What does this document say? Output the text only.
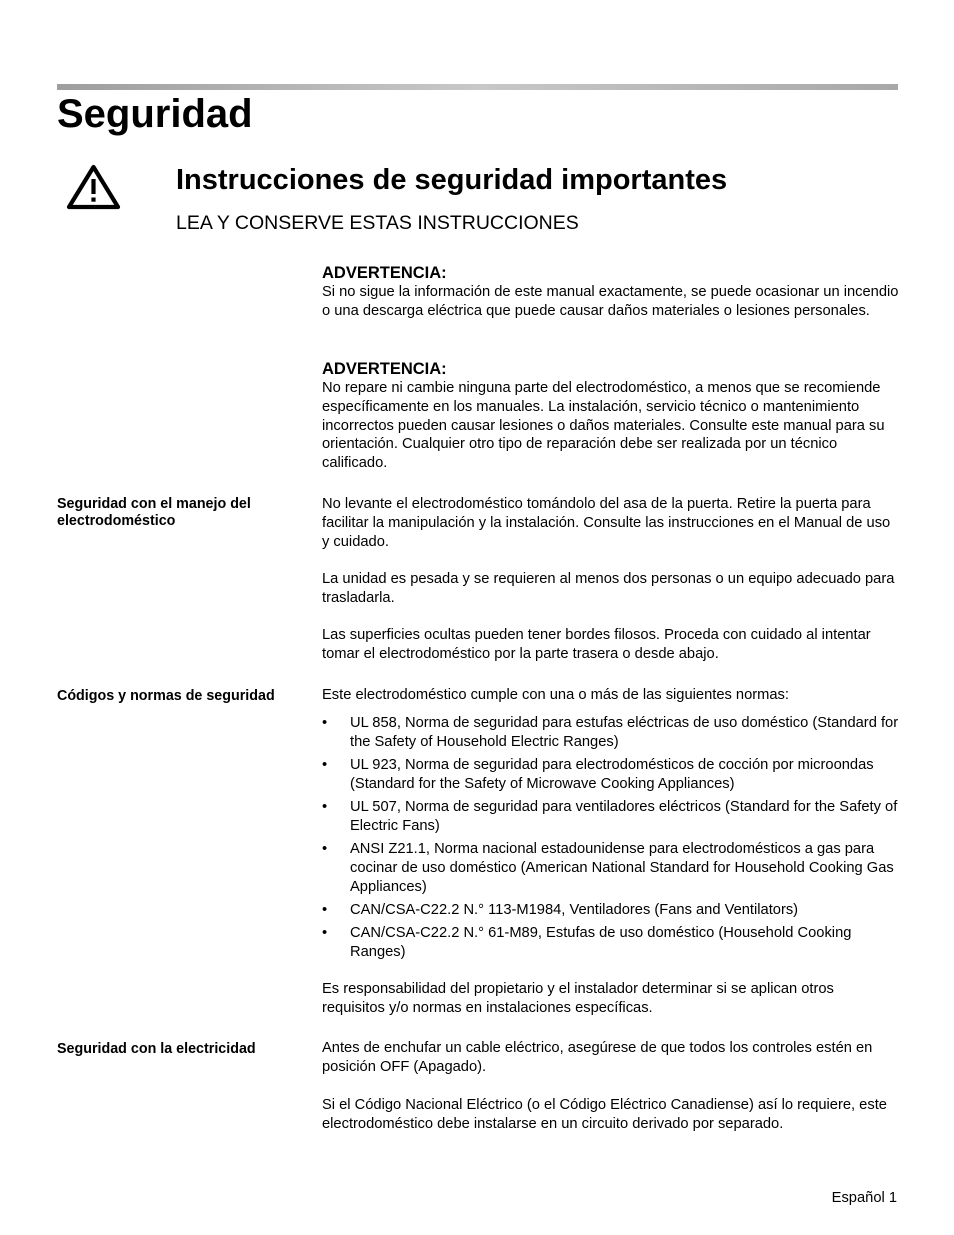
Seguridad
Instrucciones de seguridad importantes
LEA Y CONSERVE ESTAS INSTRUCCIONES
ADVERTENCIA:

Si no sigue la información de este manual exactamente, se puede ocasionar un incendio o una descarga eléctrica que puede causar daños materiales o lesiones personales.

ADVERTENCIA:

No repare ni cambie ninguna parte del electrodoméstico, a menos que se recomiende específicamente en los manuales. La instalación, servicio técnico o mantenimiento incorrectos pueden causar lesiones o daños materiales. Consulte este manual para su orientación. Cualquier otro tipo de reparación debe ser realizada por un técnico calificado.

Seguridad con el manejo del electrodoméstico

No levante el electrodoméstico tomándolo del asa de la puerta. Retire la puerta para facilitar la manipulación y la instalación. Consulte las instrucciones en el Manual de uso y cuidado.

La unidad es pesada y se requieren al menos dos personas o un equipo adecuado para trasladarla.

Las superficies ocultas pueden tener bordes filosos. Proceda con cuidado al intentar tomar el electrodoméstico por la parte trasera o desde abajo.

Códigos y normas de seguridad	Este electrodoméstico cumple con una o más de las siguientes normas:

• UL 858, Norma de seguridad para estufas eléctricas de uso doméstico (Standard for the Safety of Household Electric Ranges)
• UL 923, Norma de seguridad para electrodomésticos de cocción por microondas (Standard for the Safety of Microwave Cooking Appliances)
• UL 507, Norma de seguridad para ventiladores eléctricos (Standard for the Safety of Electric Fans)
• ANSI Z21.1, Norma nacional estadounidense para electrodomésticos a gas para cocinar de uso doméstico (American National Standard for Household Cooking Gas Appliances)
• CAN/CSA-C22.2 N.° 113-M1984, Ventiladores (Fans and Ventilators)
• CAN/CSA-C22.2 N.° 61-M89, Estufas de uso doméstico (Household Cooking Ranges)

Es responsabilidad del propietario y el instalador determinar si se aplican otros requisitos y/o normas en instalaciones específicas.

Seguridad con la electricidad	Antes de enchufar un cable eléctrico, asegúrese de que todos los controles estén en posición OFF (Apagado).

Si el Código Nacional Eléctrico (o el Código Eléctrico Canadiense) así lo requiere, este electrodoméstico debe instalarse en un circuito derivado por separado.

Español 1
